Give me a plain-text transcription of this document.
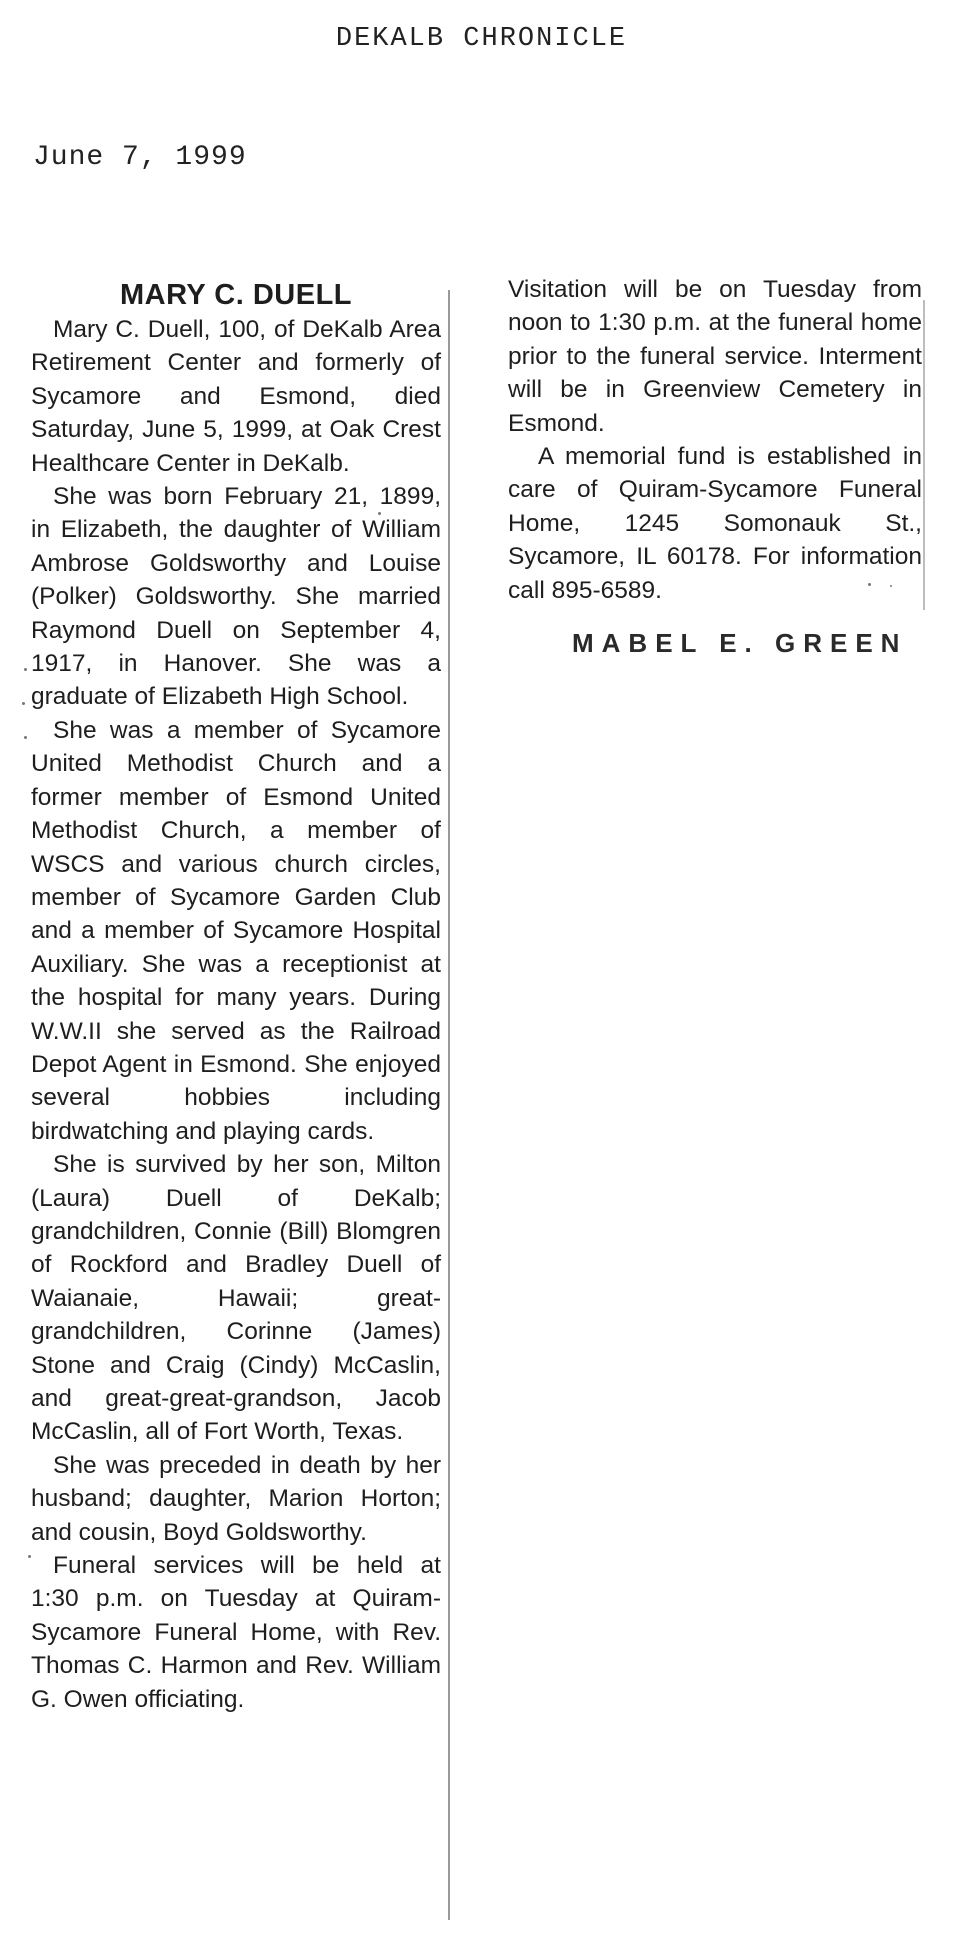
DEKALB CHRONICLE
June 7, 1999
MARY C. DUELL

Mary C. Duell, 100, of DeKalb Area Retirement Center and formerly of Sycamore and Esmond, died Saturday, June 5, 1999, at Oak Crest Healthcare Center in DeKalb.

She was born February 21, 1899, in Elizabeth, the daughter of William Ambrose Goldsworthy and Louise (Polker) Goldsworthy. She married Raymond Duell on September 4, 1917, in Hanover. She was a graduate of Elizabeth High School.

She was a member of Sycamore United Methodist Church and a former member of Esmond United Methodist Church, a member of WSCS and various church circles, member of Sycamore Garden Club and a member of Sycamore Hospital Auxiliary. She was a receptionist at the hospital for many years. During W.W.II she served as the Railroad Depot Agent in Esmond. She enjoyed several hobbies including birdwatching and playing cards.

She is survived by her son, Milton (Laura) Duell of DeKalb; grandchildren, Connie (Bill) Blomgren of Rockford and Bradley Duell of Waianaie, Hawaii; great-grandchildren, Corinne (James) Stone and Craig (Cindy) McCaslin, and great-great-grandson, Jacob McCaslin, all of Fort Worth, Texas.

She was preceded in death by her husband; daughter, Marion Horton; and cousin, Boyd Goldsworthy.

Funeral services will be held at 1:30 p.m. on Tuesday at Quiram-Sycamore Funeral Home, with Rev. Thomas C. Harmon and Rev. William G. Owen officiating.

Visitation will be on Tuesday from noon to 1:30 p.m. at the funeral home prior to the funeral service. Interment will be in Greenview Cemetery in Esmond.

A memorial fund is established in care of Quiram-Sycamore Funeral Home, 1245 Somonauk St., Sycamore, IL 60178. For information call 895-6589.

MABEL E. GREEN
